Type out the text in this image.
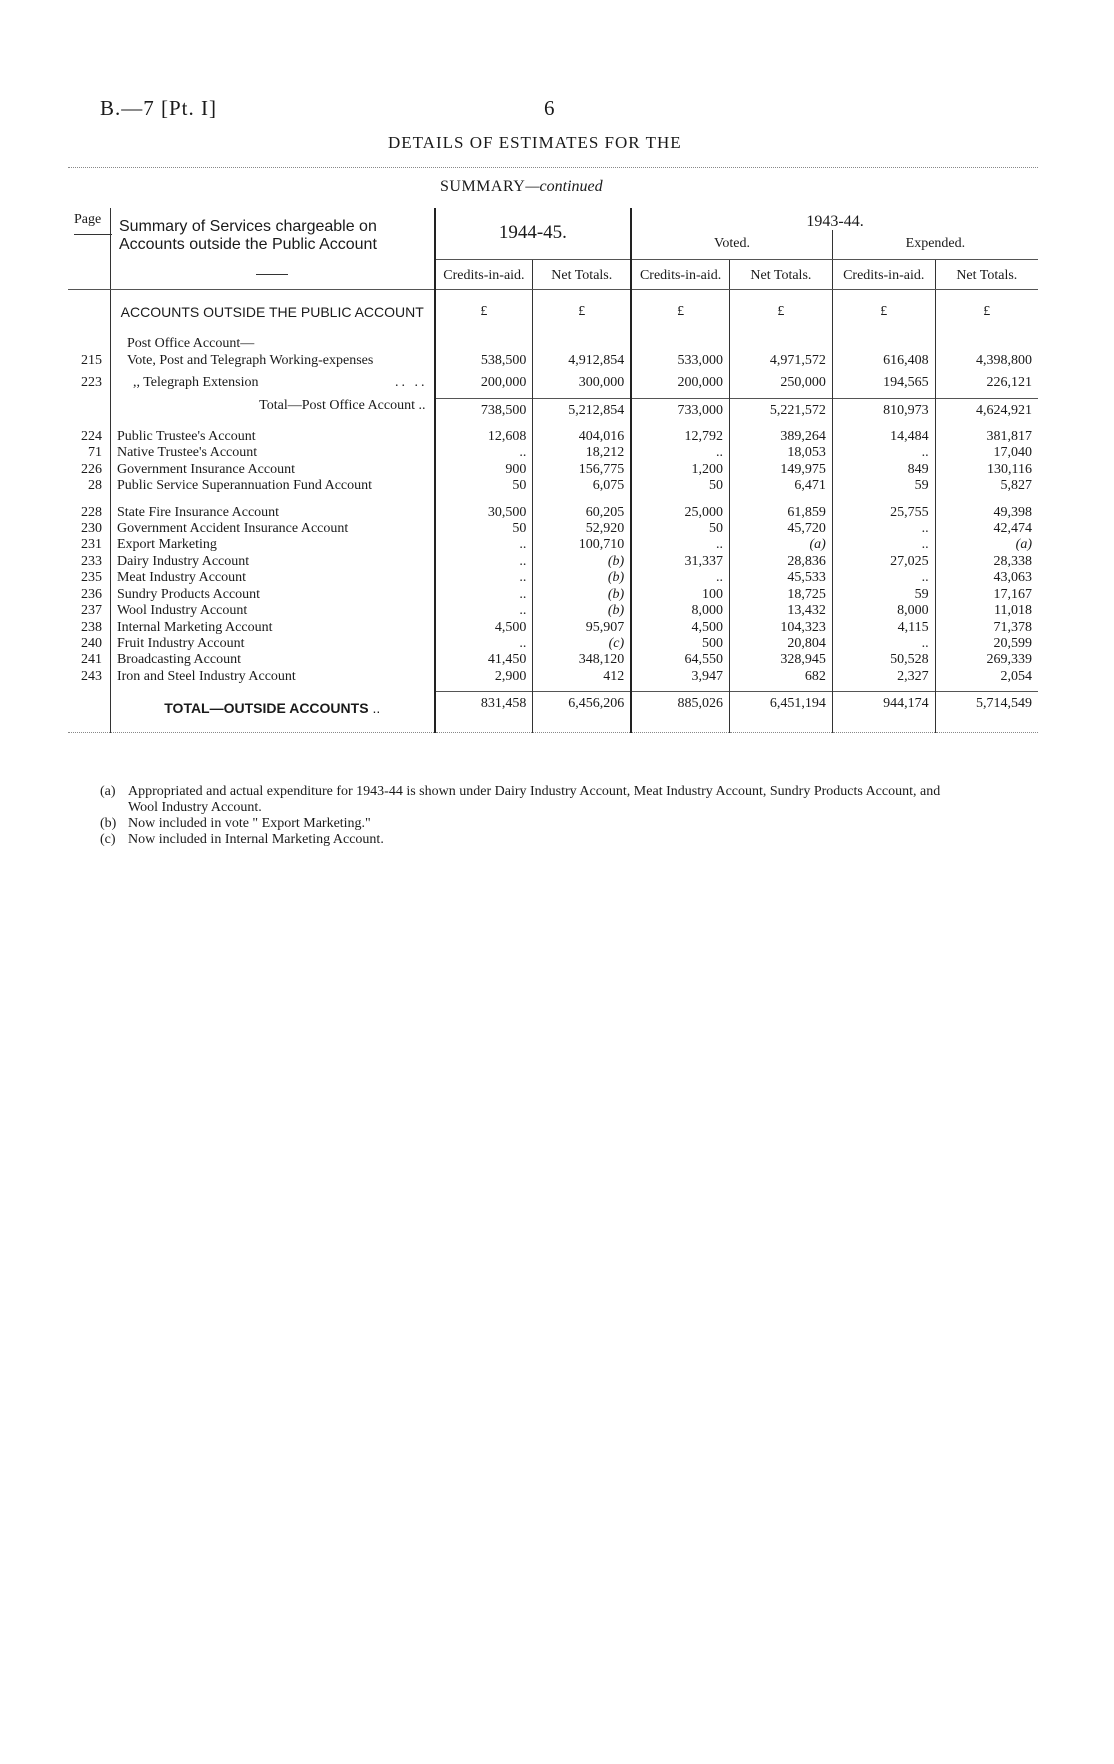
B.—7 [Pt. I]	6
DETAILS OF ESTIMATES FOR THE
SUMMARY—continued
Page	Summary of Services chargeable on Accounts outside the Public Account	1944-45.		1943-44.			
				Voted.		Expended.	
		Credits-in-aid.	Net Totals.	Credits-in-aid.	Net Totals.	Credits-in-aid.	Net Totals.
	ACCOUNTS OUTSIDE THE PUBLIC ACCOUNT	£	£	£	£	£	£

	Post Office Account—						
215	Vote, Post and Telegraph Working-expenses	538,500	4,912,854	533,000	4,971,572	616,408	4,398,800

223	,, Telegraph Extension .. ..	200,000	300,000	200,000	250,000	194,565	226,121

	Total—Post Office Account ..	738,500	5,212,854	733,000	5,221,572	810,973	4,624,921

224	Public Trustee's Account	12,608	404,016	12,792	389,264	14,484	381,817
71	Native Trustee's Account	..	18,212	..	18,053	..	17,040
226	Government Insurance Account	900	156,775	1,200	149,975	849	130,116
28	Public Service Superannuation Fund Account	50	6,075	50	6,471	59	5,827

228	State Fire Insurance Account	30,500	60,205	25,000	61,859	25,755	49,398
230	Government Accident Insurance Account	50	52,920	50	45,720	..	42,474
231	Export Marketing	..	100,710	..	(a)	..	(a)
233	Dairy Industry Account	..	(b)	31,337	28,836	27,025	28,338
235	Meat Industry Account	..	(b)	..	45,533	..	43,063
236	Sundry Products Account	..	(b)	100	18,725	59	17,167
237	Wool Industry Account	..	(b)	8,000	13,432	8,000	11,018
238	Internal Marketing Account	4,500	95,907	4,500	104,323	4,115	71,378
240	Fruit Industry Account	..	(c)	500	20,804	..	20,599
241	Broadcasting Account	41,450	348,120	64,550	328,945	50,528	269,339
243	Iron and Steel Industry Account	2,900	412	3,947	682	2,327	2,054

	TOTAL—OUTSIDE ACCOUNTS ..	831,458	6,456,206	885,026	6,451,194	944,174	5,714,549

(a) Appropriated and actual expenditure for 1943-44 is shown under Dairy Industry Account, Meat Industry Account, Sundry Products Account, and Wool Industry Account.
(b) Now included in vote " Export Marketing."
(c) Now included in Internal Marketing Account.
